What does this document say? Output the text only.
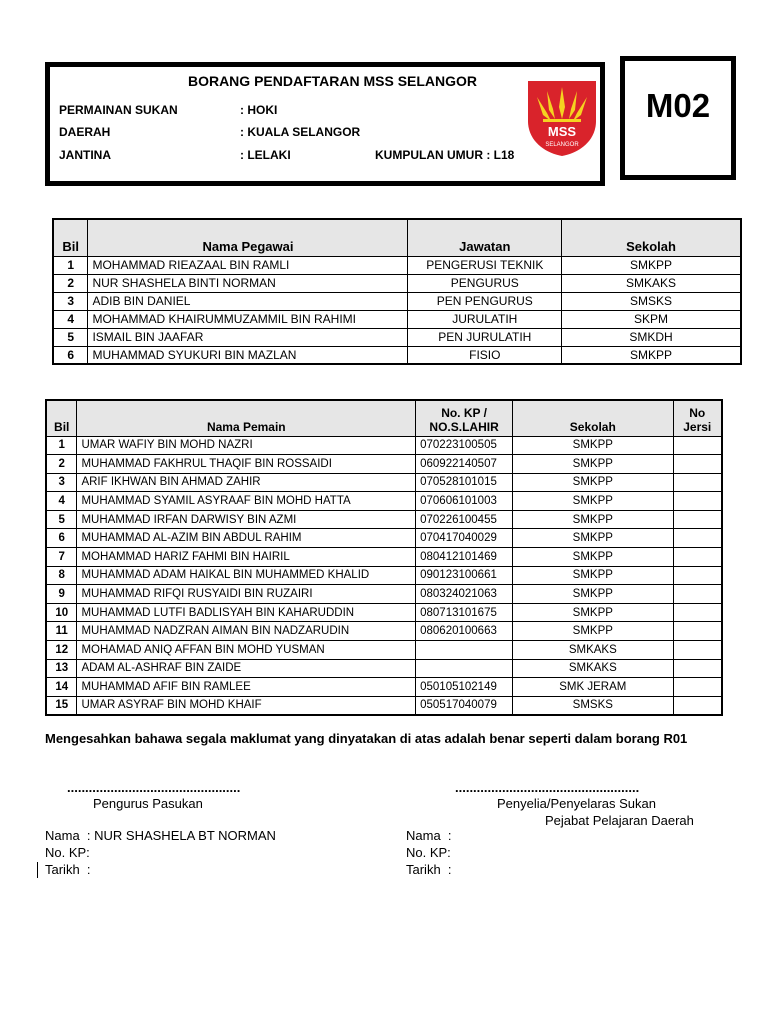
BORANG PENDAFTARAN MSS SELANGOR
PERMAINAN SUKAN	: HOKI
DAERAH	: KUALA SELANGOR
JANTINA	: LELAKI	KUMPULAN UMUR : L18
MSS
SELANGOR
M02
Bil	Nama Pegawai	Jawatan	Sekolah
1	MOHAMMAD RIEAZAAL BIN RAMLI	PENGERUSI TEKNIK	SMKPP
2	NUR SHASHELA BINTI NORMAN	PENGURUS	SMKAKS
3	ADIB BIN DANIEL	PEN PENGURUS	SMSKS
4	MOHAMMAD KHAIRUMMUZAMMIL BIN RAHIMI	JURULATIH	SKPM
5	ISMAIL BIN JAAFAR	PEN JURULATIH	SMKDH
6	MUHAMMAD SYUKURI BIN MAZLAN	FISIO	SMKPP
Bil	Nama Pemain	No. KP /
NO.S.LAHIR	Sekolah	No
Jersi
1	UMAR WAFIY BIN MOHD NAZRI	070223100505	SMKPP	
2	MUHAMMAD FAKHRUL THAQIF BIN ROSSAIDI	060922140507	SMKPP	
3	ARIF IKHWAN BIN AHMAD ZAHIR	070528101015	SMKPP	
4	MUHAMMAD SYAMIL ASYRAAF BIN MOHD HATTA	070606101003	SMKPP	
5	MUHAMMAD IRFAN DARWISY BIN AZMI	070226100455	SMKPP	
6	MUHAMMAD AL-AZIM BIN ABDUL RAHIM	070417040029	SMKPP	
7	MOHAMMAD HARIZ FAHMI BIN HAIRIL	080412101469	SMKPP	
8	MUHAMMAD ADAM HAIKAL BIN MUHAMMED KHALID	090123100661	SMKPP	
9	MUHAMMAD RIFQI RUSYAIDI BIN RUZAIRI	080324021063	SMKPP	
10	MUHAMMAD LUTFI BADLISYAH BIN KAHARUDDIN	080713101675	SMKPP	
11	MUHAMMAD NADZRAN AIMAN BIN NADZARUDIN	080620100663	SMKPP	
12	MOHAMAD ANIQ AFFAN BIN MOHD YUSMAN		SMKAKS	
13	ADAM AL-ASHRAF BIN ZAIDE		SMKAKS	
14	MUHAMMAD AFIF BIN RAMLEE	050105102149	SMK JERAM	
15	UMAR ASYRAF BIN MOHD KHAIF	050517040079	SMSKS	
Mengesahkan bahawa segala maklumat yang dinyatakan di atas adalah benar seperti dalam borang R01
................................................
Pengurus Pasukan
Nama  : NUR SHASHELA BT NORMAN
No. KP:
Tarikh  :
...................................................
Penyelia/Penyelaras Sukan
Pejabat Pelajaran Daerah
Nama  :
No. KP:
Tarikh  :
